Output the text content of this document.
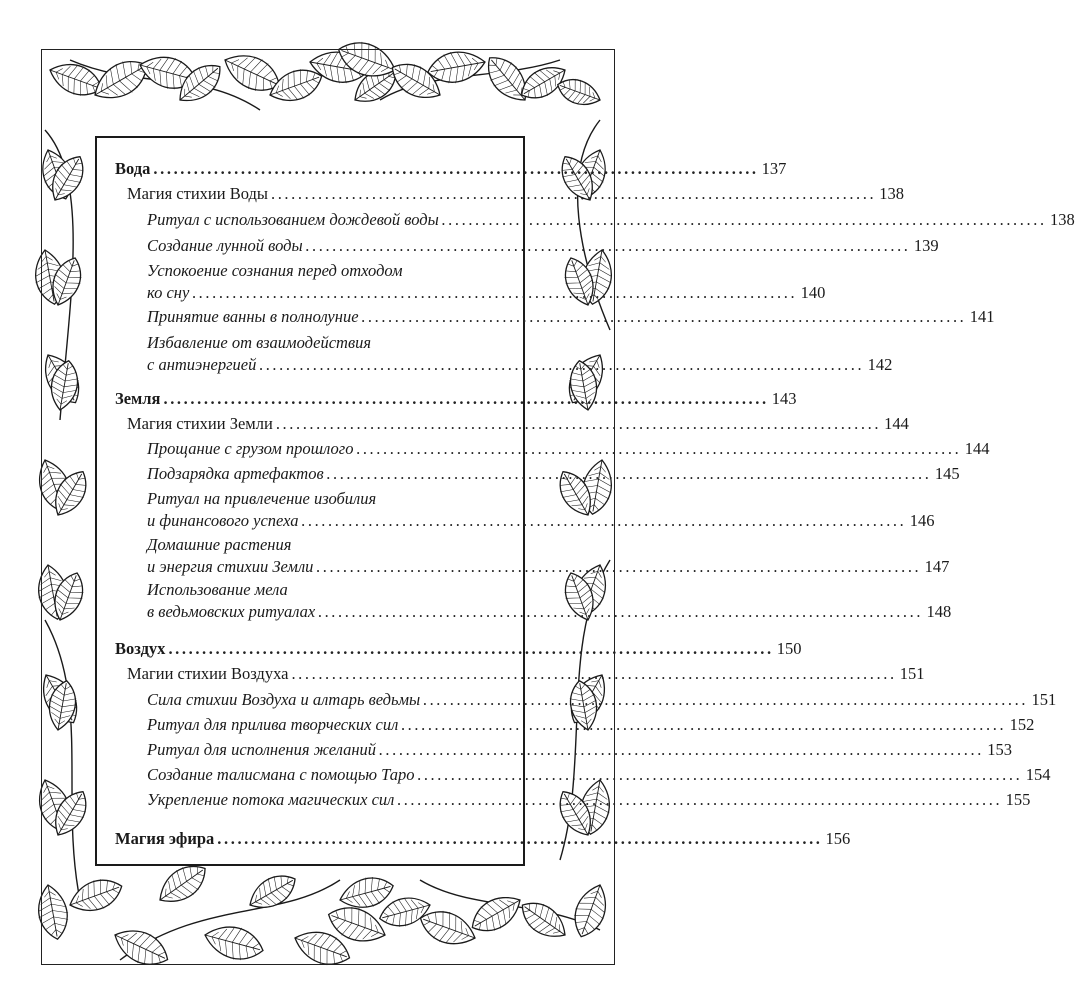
Вода .......................................................................................... 137
Магия стихии Воды .......................................................................................... 138
Ритуал с использованием дождевой воды .......................................................................................... 138
Создание лунной воды .......................................................................................... 139
Успокоение сознания перед отходом
ко сну .......................................................................................... 140
Принятие ванны в полнолуние .......................................................................................... 141
Избавление от взаимодействия
с антиэнергией .......................................................................................... 142
Земля .......................................................................................... 143
Магия стихии Земли .......................................................................................... 144
Прощание с грузом прошлого .......................................................................................... 144
Подзарядка артефактов .......................................................................................... 145
Ритуал на привлечение изобилия
и финансового успеха .......................................................................................... 146
Домашние растения
и энергия стихии Земли .......................................................................................... 147
Использование мела
в ведьмовских ритуалах .......................................................................................... 148
Воздух .......................................................................................... 150
Магии стихии Воздуха .......................................................................................... 151
Сила стихии Воздуха и алтарь ведьмы .......................................................................................... 151
Ритуал для прилива творческих сил .......................................................................................... 152
Ритуал для исполнения желаний .......................................................................................... 153
Создание талисмана с помощью Таро .......................................................................................... 154
Укрепление потока магических сил .......................................................................................... 155
Магия эфира .......................................................................................... 156
